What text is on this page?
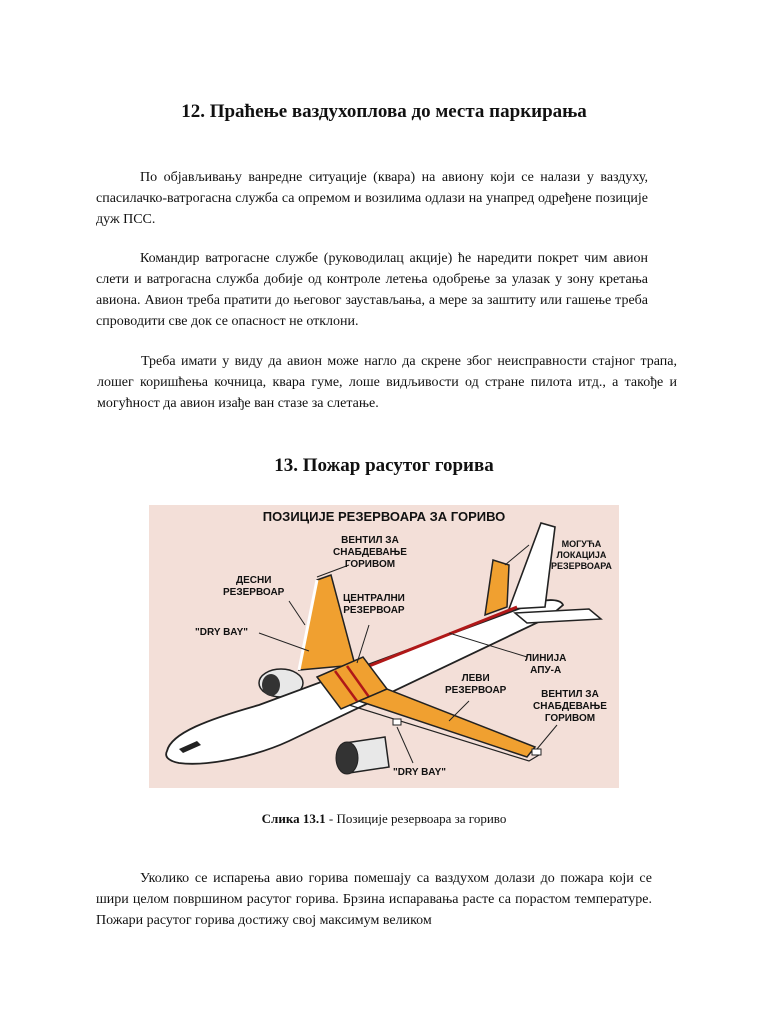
12. Праћење ваздухоплова до места паркирања

По објављивању ванредне ситуације (квара) на авиону који се налази у ваздуху, спасилачко-ватрогасна служба са опремом и возилима одлази на унапред одређене позиције дуж ПСС.

Командир ватрогасне службе (руководилац акције) ће наредити покрет чим авион слети и ватрогасна служба добије од контроле летења одобрење за улазак у зону кретања авиона. Авион треба пратити до његовог заустављања, а мере за заштиту или гашење треба спроводити све док се опасност не отклони.

Треба имати у виду да авион може нагло да скрене због неисправности стајног трапа, лошег коришћења кочница, квара гуме, лоше видљивости од стране пилота итд., а такође и могућност да авион изађе ван стазе за слетање.

13. Пожар расутог горива
ПОЗИЦИЈЕ РЕЗЕРВОАРА ЗА ГОРИВО
ВЕНТИЛ ЗА
СНАБДЕВАЊЕ
ГОРИВОМ
ДЕСНИ
РЕЗЕРВОАР
ЦЕНТРАЛНИ
РЕЗЕРВОАР
"DRY BAY"
МОГУЋА
ЛОКАЦИЈА
РЕЗЕРВОАРА
ЛИНИЈА
АПУ-А
ЛЕВИ
РЕЗЕРВОАР	ВЕНТИЛ ЗА
СНАБДЕВАЊЕ
ГОРИВОМ
"DRY BAY"
Слика 13.1 - Позиције резервоара за гориво

Уколико се испарења авио горива помешају са ваздухом долази до пожара који се шири целом површином расутог горива. Брзина испаравања расте са порастом температуре. Пожари расутог горива достижу свој максимум великом
